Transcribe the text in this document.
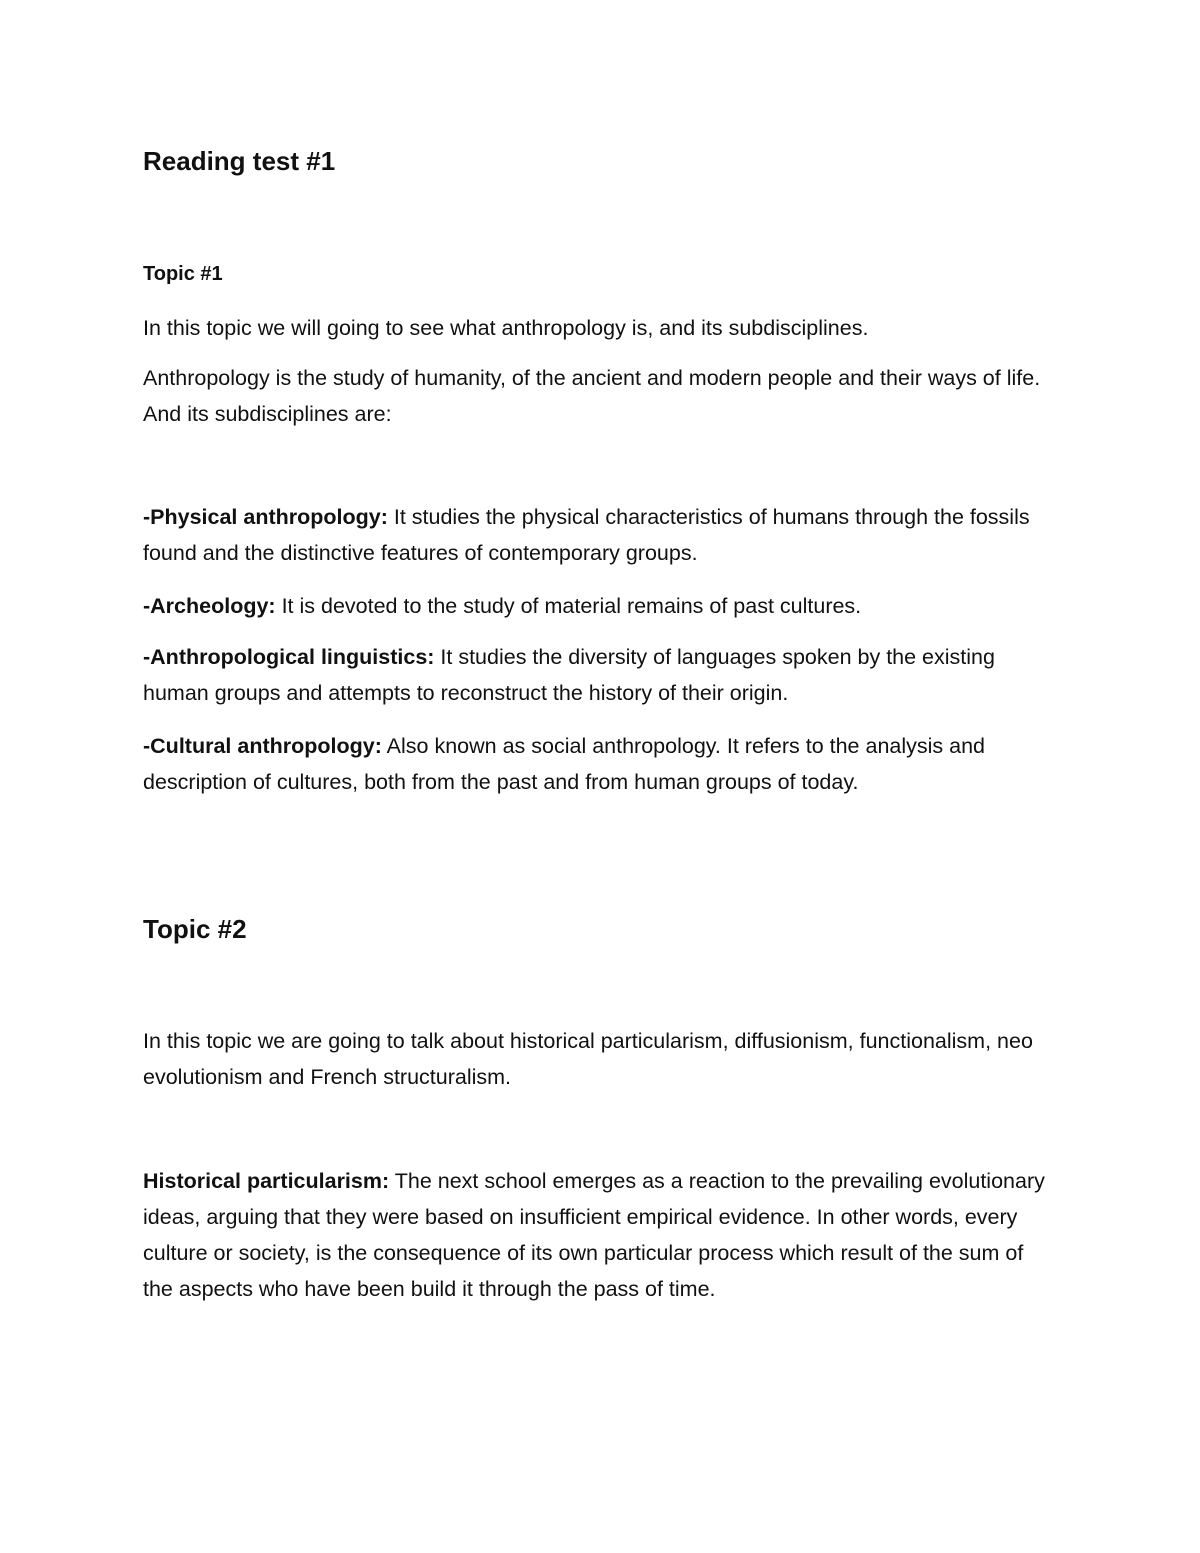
Reading test #1
Topic #1

In this topic we will going to see what anthropology is, and its subdisciplines.

Anthropology is the study of humanity, of the ancient and modern people and their ways of life. And its subdisciplines are:

-Physical anthropology: It studies the physical characteristics of humans through the fossils found and the distinctive features of contemporary groups.

-Archeology: It is devoted to the study of material remains of past cultures.

-Anthropological linguistics: It studies the diversity of languages spoken by the existing human groups and attempts to reconstruct the history of their origin.

-Cultural anthropology: Also known as social anthropology. It refers to the analysis and description of cultures, both from the past and from human groups of today.

Topic #2

In this topic we are going to talk about historical particularism, diffusionism, functionalism, neo evolutionism and French structuralism.

Historical particularism: The next school emerges as a reaction to the prevailing evolutionary ideas, arguing that they were based on insufficient empirical evidence. In other words, every culture or society, is the consequence of its own particular process which result of the sum of the aspects who have been build it through the pass of time.
